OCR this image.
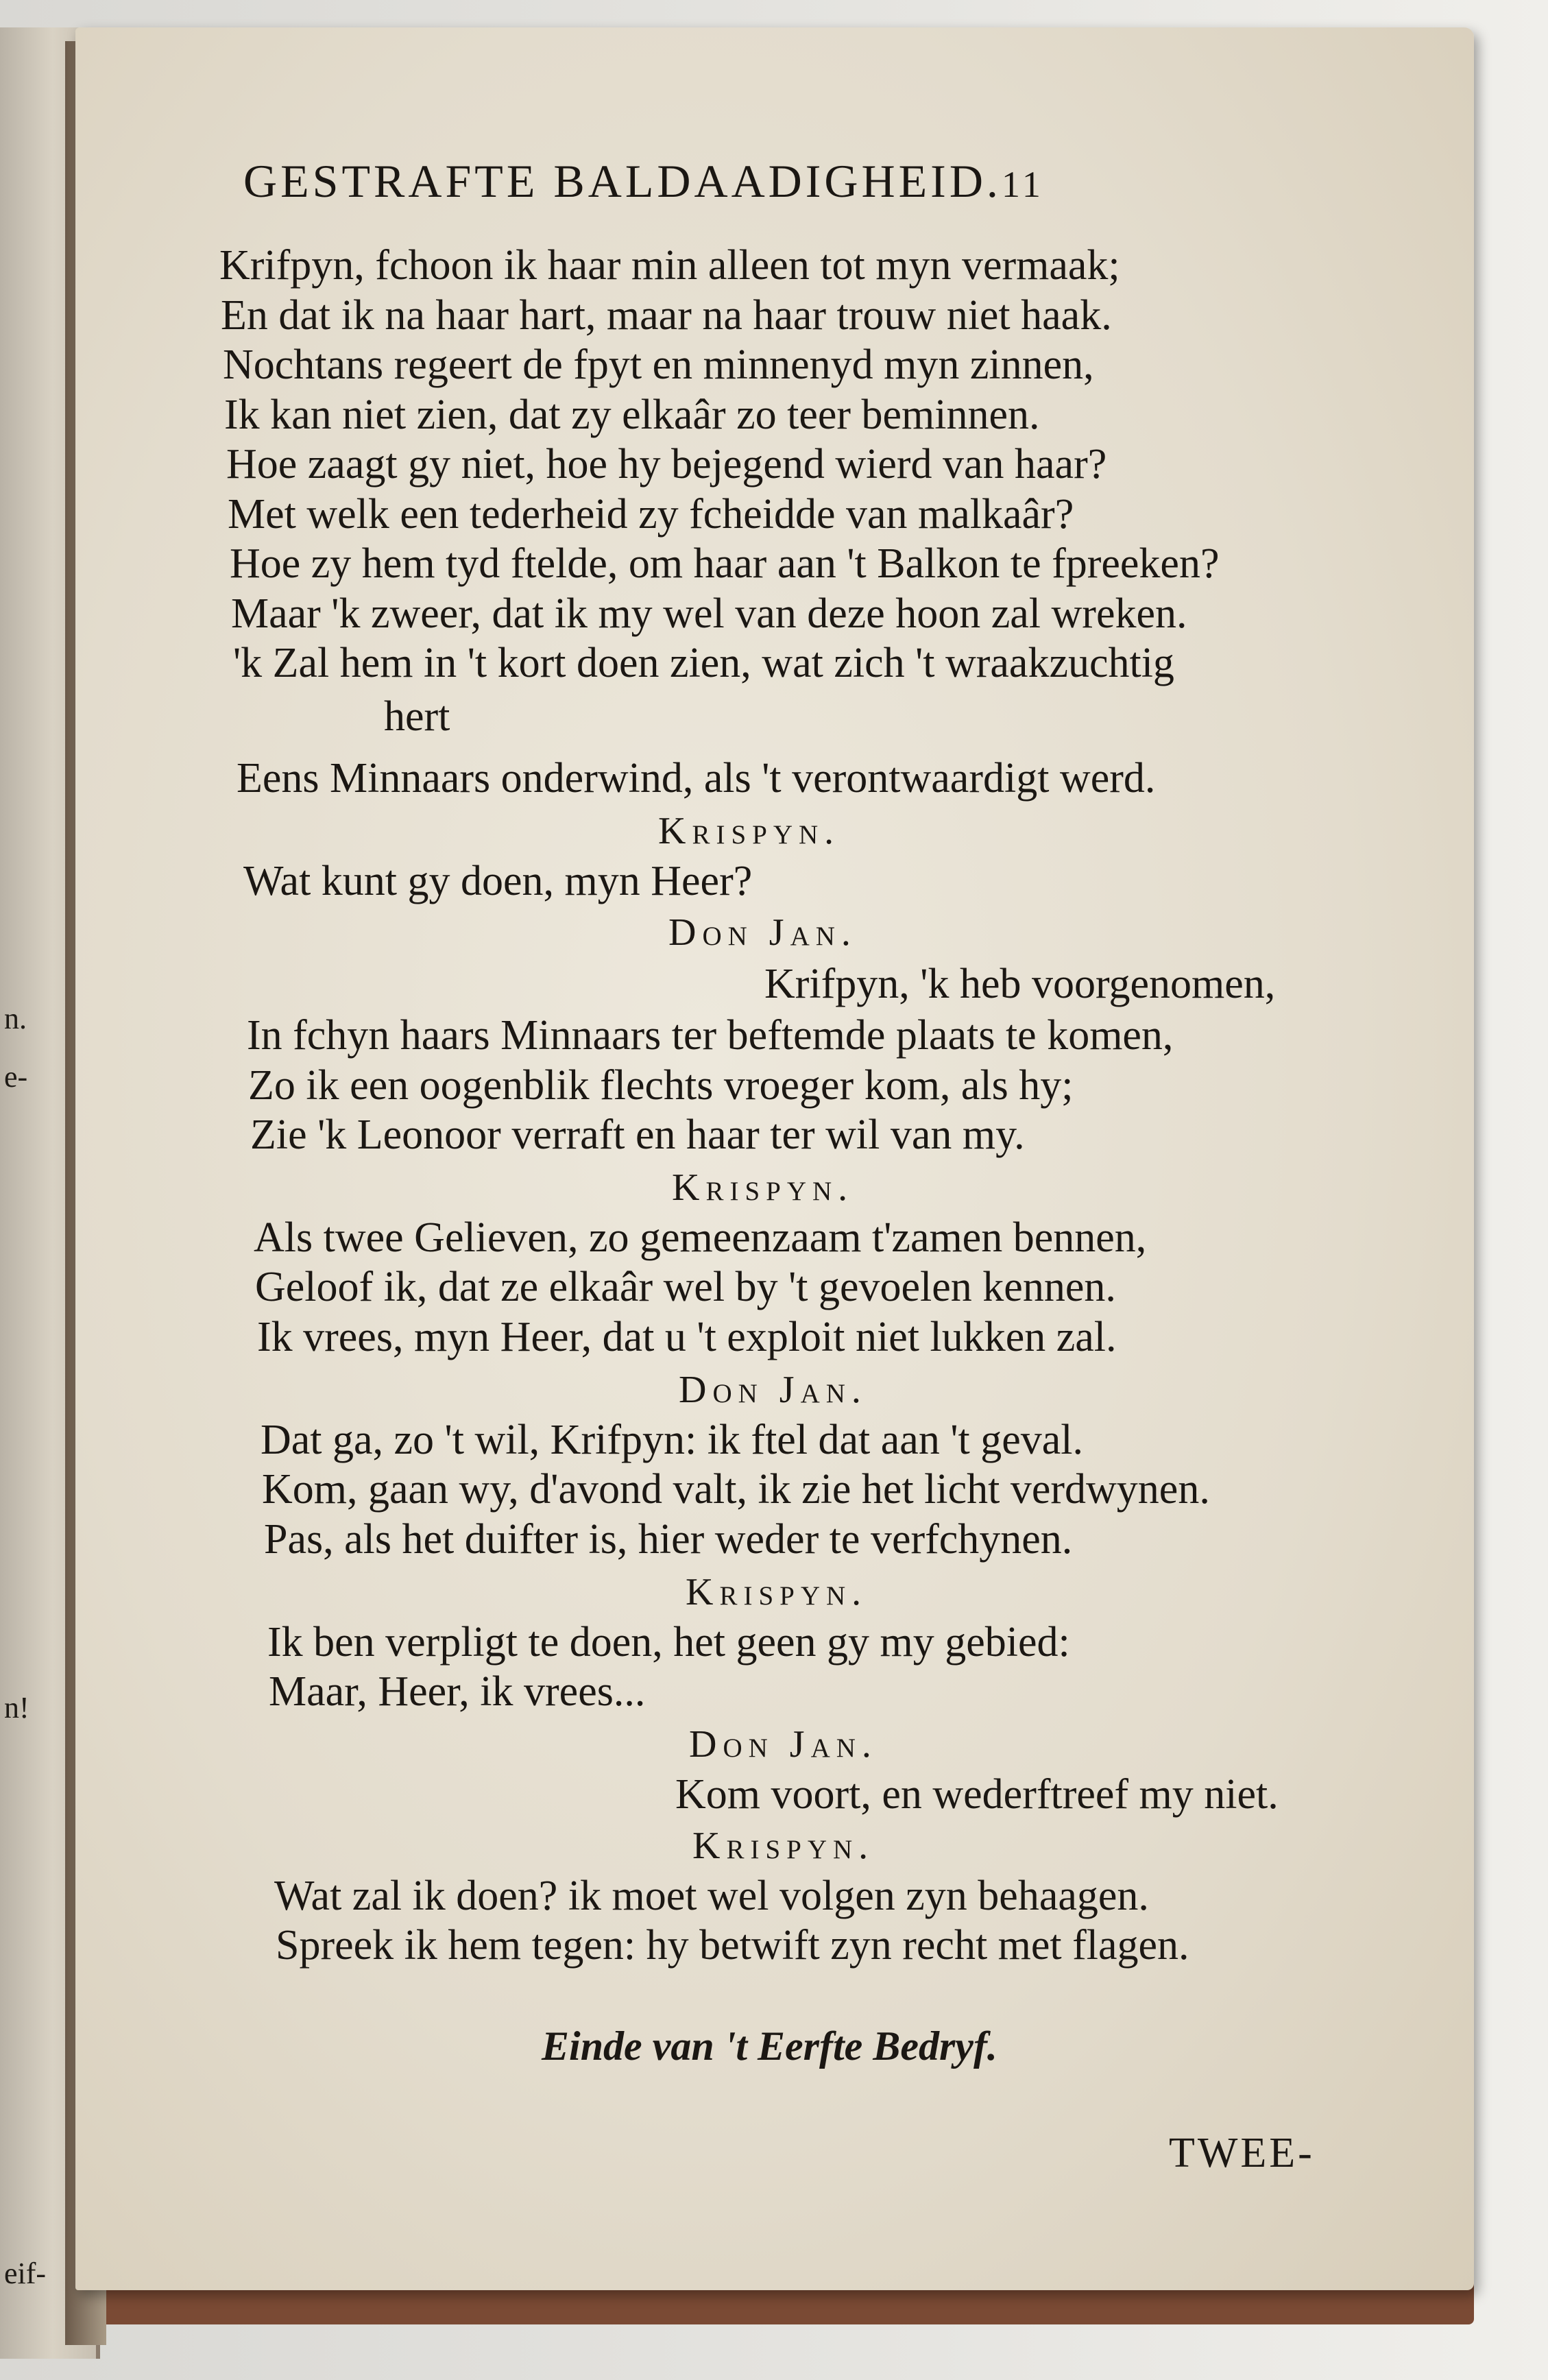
n.
e-
n!
eif-
GESTRAFTE BALDAADIGHEID.11
Krifpyn, fchoon ik haar min alleen tot myn vermaak;
En dat ik na haar hart, maar na haar trouw niet haak.
Nochtans regeert de fpyt en minnenyd myn zinnen,
Ik kan niet zien, dat zy elkaâr zo teer beminnen.
Hoe zaagt gy niet, hoe hy bejegend wierd van haar?
Met welk een tederheid zy fcheidde van malkaâr?
Hoe zy hem tyd ftelde, om haar aan 't Balkon te fpreeken?
Maar 'k zweer, dat ik my wel van deze hoon zal wreken.
'k Zal hem in 't kort doen zien, wat zich 't wraakzuchtig
hert
Eens Minnaars onderwind, als 't verontwaardigt werd.
Krispyn.
Wat kunt gy doen, myn Heer?
Don Jan.
Krifpyn, 'k heb voorgenomen,
In fchyn haars Minnaars ter beftemde plaats te komen,
Zo ik een oogenblik flechts vroeger kom, als hy;
Zie 'k Leonoor verraft en haar ter wil van my.
Krispyn.
Als twee Gelieven, zo gemeenzaam t'zamen bennen,
Geloof ik, dat ze elkaâr wel by 't gevoelen kennen.
Ik vrees, myn Heer, dat u 't exploit niet lukken zal.
Don Jan.
Dat ga, zo 't wil, Krifpyn: ik ftel dat aan 't geval.
Kom, gaan wy, d'avond valt, ik zie het licht verdwynen.
Pas, als het duifter is, hier weder te verfchynen.
Krispyn.
Ik ben verpligt te doen, het geen gy my gebied:
Maar, Heer, ik vrees...
Don Jan.
Kom voort, en wederftreef my niet.
Krispyn.
Wat zal ik doen? ik moet wel volgen zyn behaagen.
Spreek ik hem tegen: hy betwift zyn recht met flagen.
Einde van 't Eerfte Bedryf.
TWEE-
